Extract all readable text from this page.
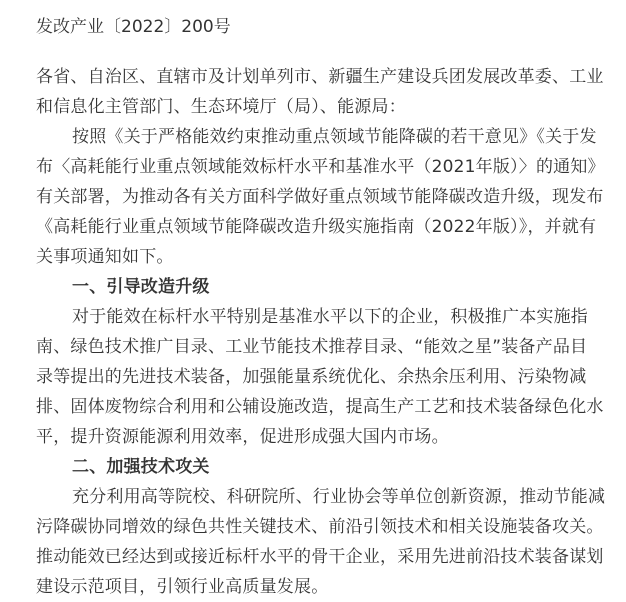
发改产业〔2022〕200号
各省、自治区、直辖市及计划单列市、新疆生产建设兵团发展改革委、工业
和信息化主管部门、生态环境厅（局）、能源局：
按照《关于严格能效约束推动重点领域节能降碳的若干意见》《关于发
布〈高耗能行业重点领域能效标杆水平和基准水平（2021年版）〉的通知》
有关部署，为推动各有关方面科学做好重点领域节能降碳改造升级，现发布
《高耗能行业重点领域节能降碳改造升级实施指南（2022年版）》，并就有
关事项通知如下。
一、引导改造升级
对于能效在标杆水平特别是基准水平以下的企业，积极推广本实施指
南、绿色技术推广目录、工业节能技术推荐目录、“能效之星”装备产品目
录等提出的先进技术装备，加强能量系统优化、余热余压利用、污染物减
排、固体废物综合利用和公辅设施改造，提高生产工艺和技术装备绿色化水
平，提升资源能源利用效率，促进形成强大国内市场。
二、加强技术攻关
充分利用高等院校、科研院所、行业协会等单位创新资源，推动节能减
污降碳协同增效的绿色共性关键技术、前沿引领技术和相关设施装备攻关。
推动能效已经达到或接近标杆水平的骨干企业，采用先进前沿技术装备谋划
建设示范项目，引领行业高质量发展。
